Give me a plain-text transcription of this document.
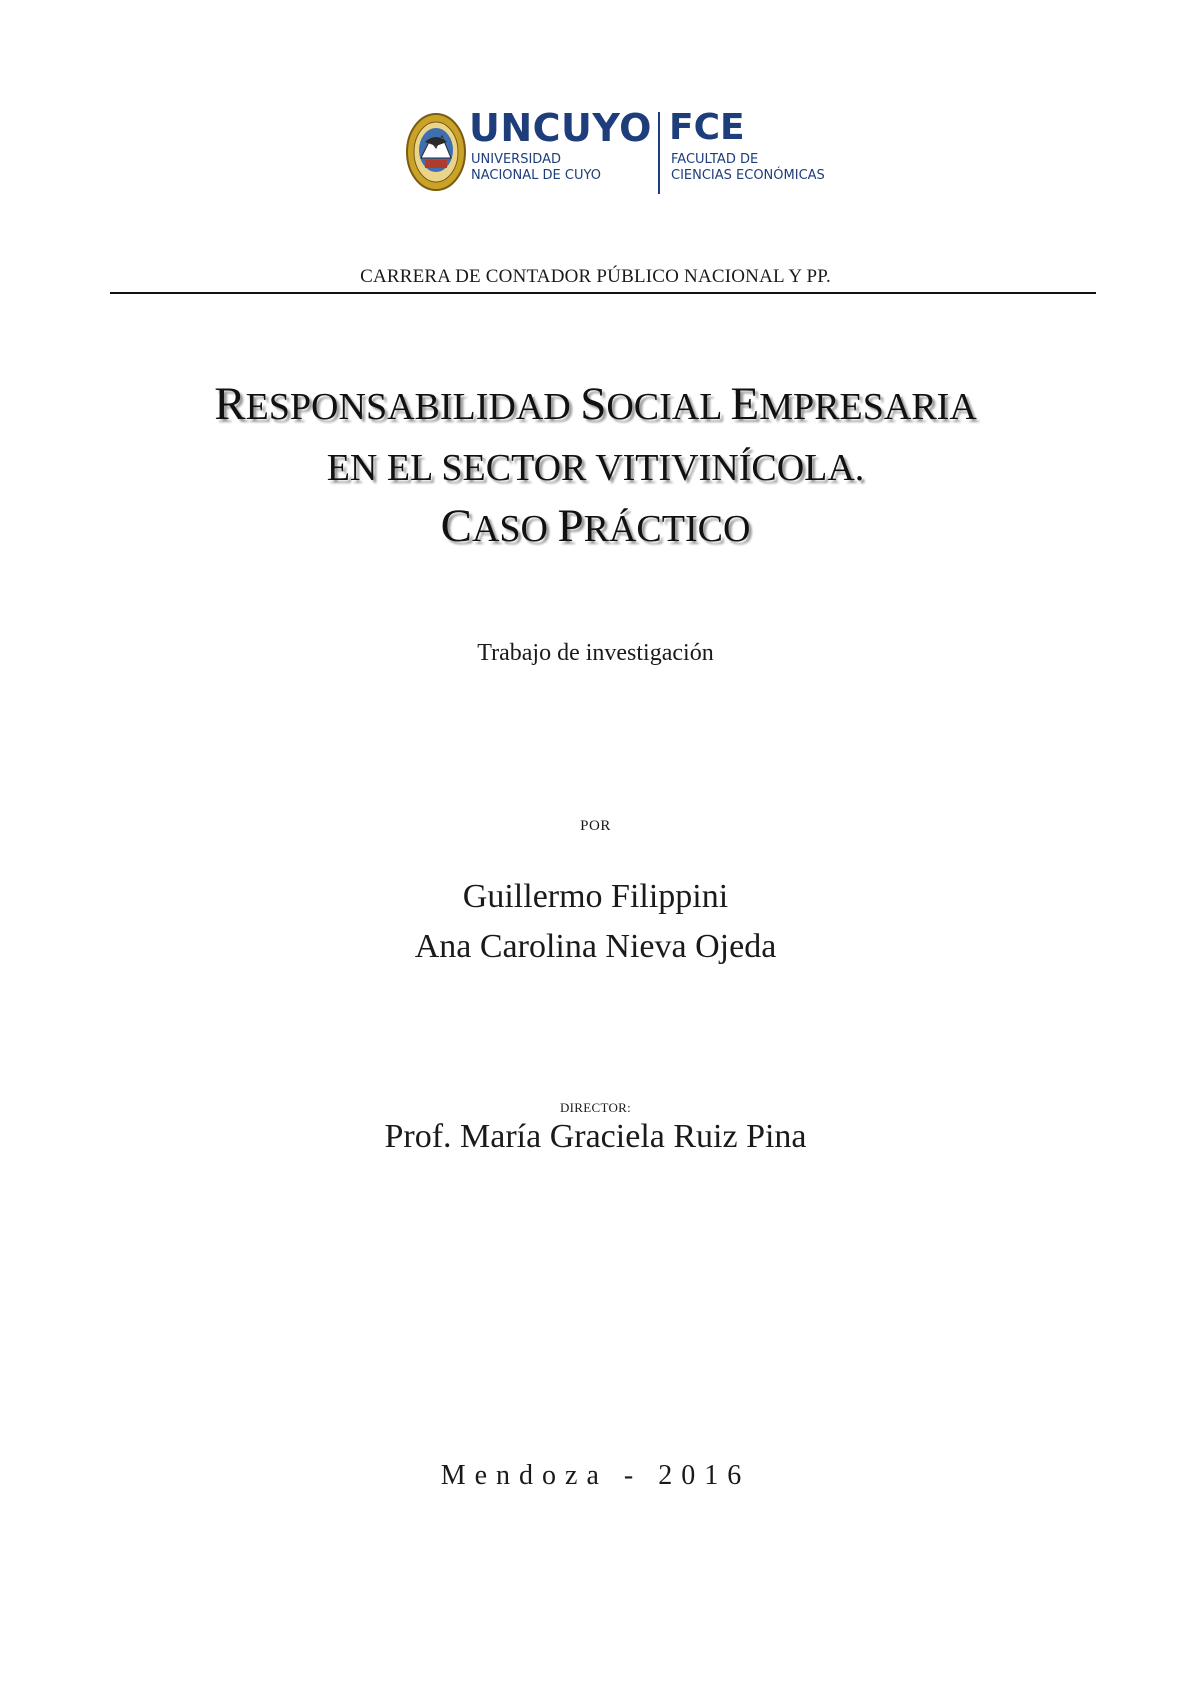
UNCUYO
UNIVERSIDAD
NACIONAL DE CUYO
FCE
FACULTAD DE
CIENCIAS ECONÓMICAS
CARRERA DE CONTADOR PÚBLICO NACIONAL Y PP.
RESPONSABILIDAD SOCIAL EMPRESARIA
EN EL SECTOR VITIVINÍCOLA.
CASO PRÁCTICO
Trabajo de investigación
POR
Guillermo Filippini
Ana Carolina Nieva Ojeda
DIRECTOR:
Prof. María Graciela Ruiz Pina
Mendoza - 2016
